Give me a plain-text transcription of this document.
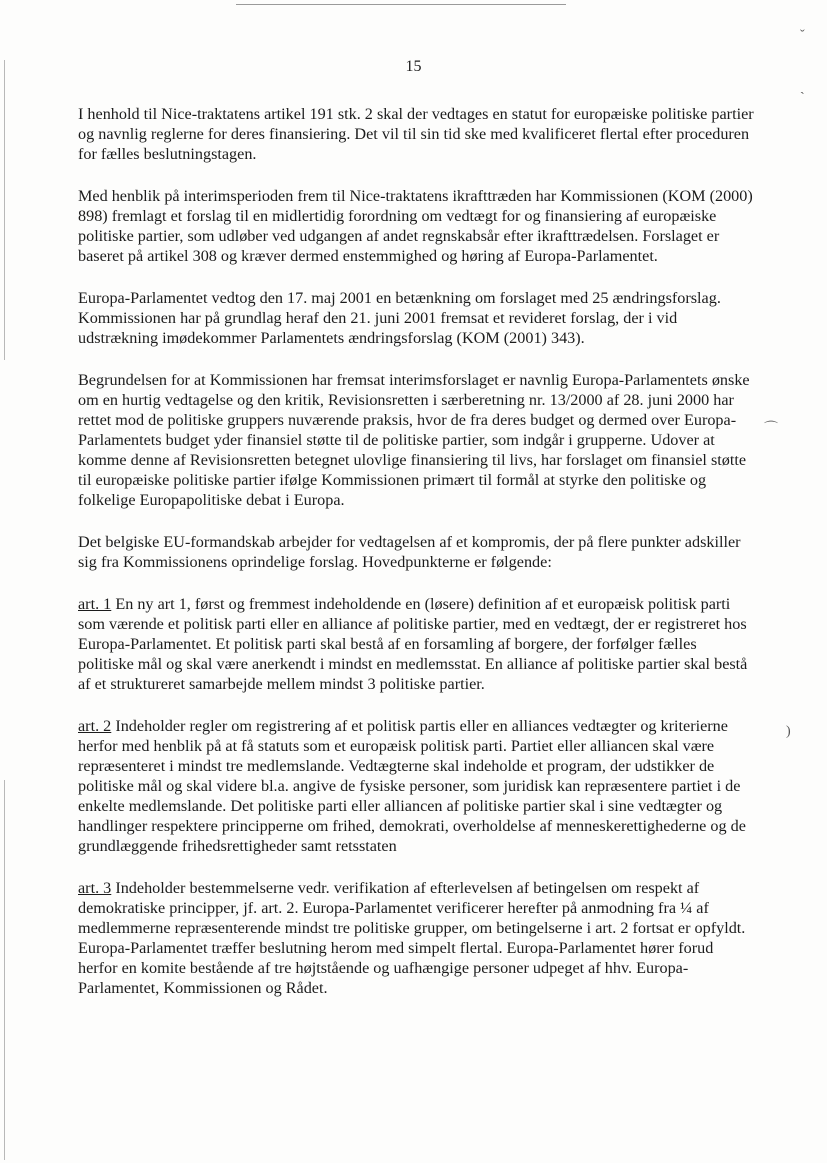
ˇ
ˎ
⌒
)
15

I henhold til Nice-traktatens artikel 191 stk. 2 skal der vedtages en statut for europæiske politiske partier og navnlig reglerne for deres finansiering. Det vil til sin tid ske med kvalificeret flertal efter proceduren for fælles beslutningstagen.

Med henblik på interimsperioden frem til Nice-traktatens ikrafttræden har Kommissionen (KOM (2000) 898) fremlagt et forslag til en midlertidig forordning om vedtægt for og finansiering af europæiske politiske partier, som udløber ved udgangen af andet regnskabsår efter ikrafttrædelsen. Forslaget er baseret på artikel 308 og kræver dermed enstemmighed og høring af Europa-Parlamentet.

Europa-Parlamentet vedtog den 17. maj 2001 en betænkning om forslaget med 25 ændringsforslag. Kommissionen har på grundlag heraf den 21. juni 2001 fremsat et revideret forslag, der i vid udstrækning imødekommer Parlamentets ændringsforslag (KOM (2001) 343).

Begrundelsen for at Kommissionen har fremsat interimsforslaget er navnlig Europa-Parlamentets ønske om en hurtig vedtagelse og den kritik, Revisionsretten i særberetning nr. 13/2000 af 28. juni 2000 har rettet mod de politiske gruppers nuværende praksis, hvor de fra deres budget og dermed over Europa-Parlamentets budget yder finansiel støtte til de politiske partier, som indgår i grupperne. Udover at komme denne af Revisionsretten betegnet ulovlige finansiering til livs, har forslaget om finansiel støtte til europæiske politiske partier ifølge Kommissionen primært til formål at styrke den politiske og folkelige Europapolitiske debat i Europa.

Det belgiske EU-formandskab arbejder for vedtagelsen af et kompromis, der på flere punkter adskiller sig fra Kommissionens oprindelige forslag. Hovedpunkterne er følgende:

art. 1 En ny art 1, først og fremmest indeholdende en (løsere) definition af et europæisk politisk parti som værende et politisk parti eller en alliance af politiske partier, med en vedtægt, der er registreret hos Europa-Parlamentet. Et politisk parti skal bestå af en forsamling af borgere, der forfølger fælles politiske mål og skal være anerkendt i mindst en medlemsstat. En alliance af politiske partier skal bestå af et struktureret samarbejde mellem mindst 3 politiske partier.

art. 2 Indeholder regler om registrering af et politisk partis eller en alliances vedtægter og kriterierne herfor med henblik på at få statuts som et europæisk politisk parti. Partiet eller alliancen skal være repræsenteret i mindst tre medlemslande. Vedtægterne skal indeholde et program, der udstikker de politiske mål og skal videre bl.a. angive de fysiske personer, som juridisk kan repræsentere partiet i de enkelte medlemslande. Det politiske parti eller alliancen af politiske partier skal i sine vedtægter og handlinger respektere principperne om frihed, demokrati, overholdelse af menneskerettighederne og de grundlæggende frihedsrettigheder samt retsstaten

art. 3 Indeholder bestemmelserne vedr. verifikation af efterlevelsen af betingelsen om respekt af demokratiske principper, jf. art. 2. Europa-Parlamentet verificerer herefter på anmodning fra ¼ af medlemmerne repræsenterende mindst tre politiske grupper, om betingelserne i art. 2 fortsat er opfyldt. Europa-Parlamentet træffer beslutning herom med simpelt flertal. Europa-Parlamentet hører forud herfor en komite bestående af tre højtstående og uafhængige personer udpeget af hhv. Europa-Parlamentet, Kommissionen og Rådet.
